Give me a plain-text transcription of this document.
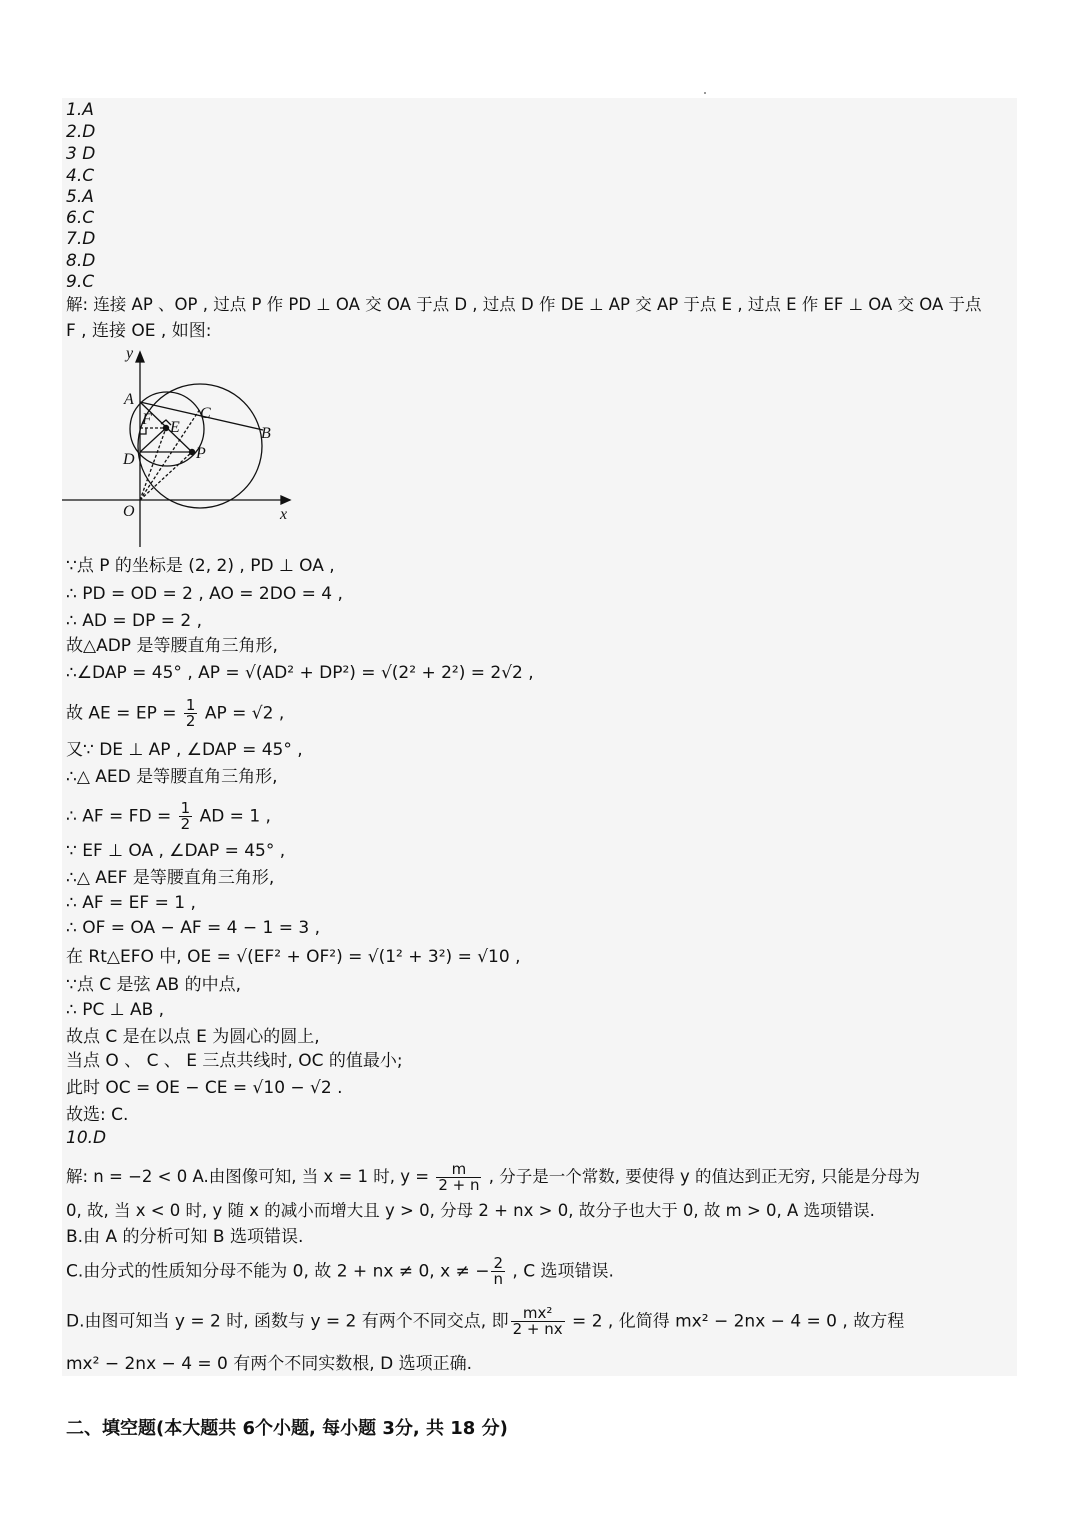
1.A
2.D
3 D
4.C
5.A
6.C
7.D
8.D
9.C
解: 连接 AP 、OP , 过点 P 作 PD ⊥ OA 交 OA 于点 D , 过点 D 作 DE ⊥ AP 交 AP 于点 E , 过点 E 作 EF ⊥ OA 交 OA 于点
F , 连接 OE , 如图:
y
x
A
B
C
D
E
F
P
O
∵点 P 的坐标是 (2, 2) , PD ⊥ OA ,
∴ PD = OD = 2 , AO = 2DO = 4 ,
∴ AD = DP = 2 ,
故△ADP 是等腰直角三角形,
∴∠DAP = 45° , AP = √(AD² + DP²) = √(2² + 2²) = 2√2 ,
故 AE = EP = $\frac{1}{2}$ AP = √2 ,
又∵ DE ⊥ AP , ∠DAP = 45° ,
∴△ AED 是等腰直角三角形,
∴ AF = FD = $\frac{1}{2}$ AD = 1 ,
∵ EF ⊥ OA , ∠DAP = 45° ,
∴△ AEF 是等腰直角三角形,
∴ AF = EF = 1 ,
∴ OF = OA − AF = 4 − 1 = 3 ,
在 Rt△EFO 中, OE = √(EF² + OF²) = √(1² + 3²) = √10 ,
∵点 C 是弦 AB 的中点,
∴ PC ⊥ AB ,
故点 C 是在以点 E 为圆心的圆上,
当点 O 、 C 、 E 三点共线时, OC 的值最小;
此时 OC = OE − CE = √10 − √2 .
故选: C.
10.D
解: n = −2 < 0 A.由图像可知, 当 x = 1 时, $y = \frac{m}{2 + n}$ , 分子是一个常数, 要使得 y 的值达到正无穷, 只能是分母为
0, 故, 当 x < 0 时, y 随 x 的减小而增大且 y > 0, 分母 2 + nx > 0, 故分子也大于 0, 故 m > 0, A 选项错误.
B.由 A 的分析可知 B 选项错误.
C.由分式的性质知分母不能为 0, 故 2 + nx ≠ 0, x ≠ − $\frac{2}{n}$ , C 选项错误.
D.由图可知当 y = 2 时, 函数与 y = 2 有两个不同交点, 即 $\frac{\text{mx²}}{2 + nx} = 2$ , 化简得 mx² − 2nx − 4 = 0 , 故方程
mx² − 2nx − 4 = 0 有两个不同实数根, D 选项正确.
二、填空题(本大题共 6个小题, 每小题 3分, 共 18 分)
